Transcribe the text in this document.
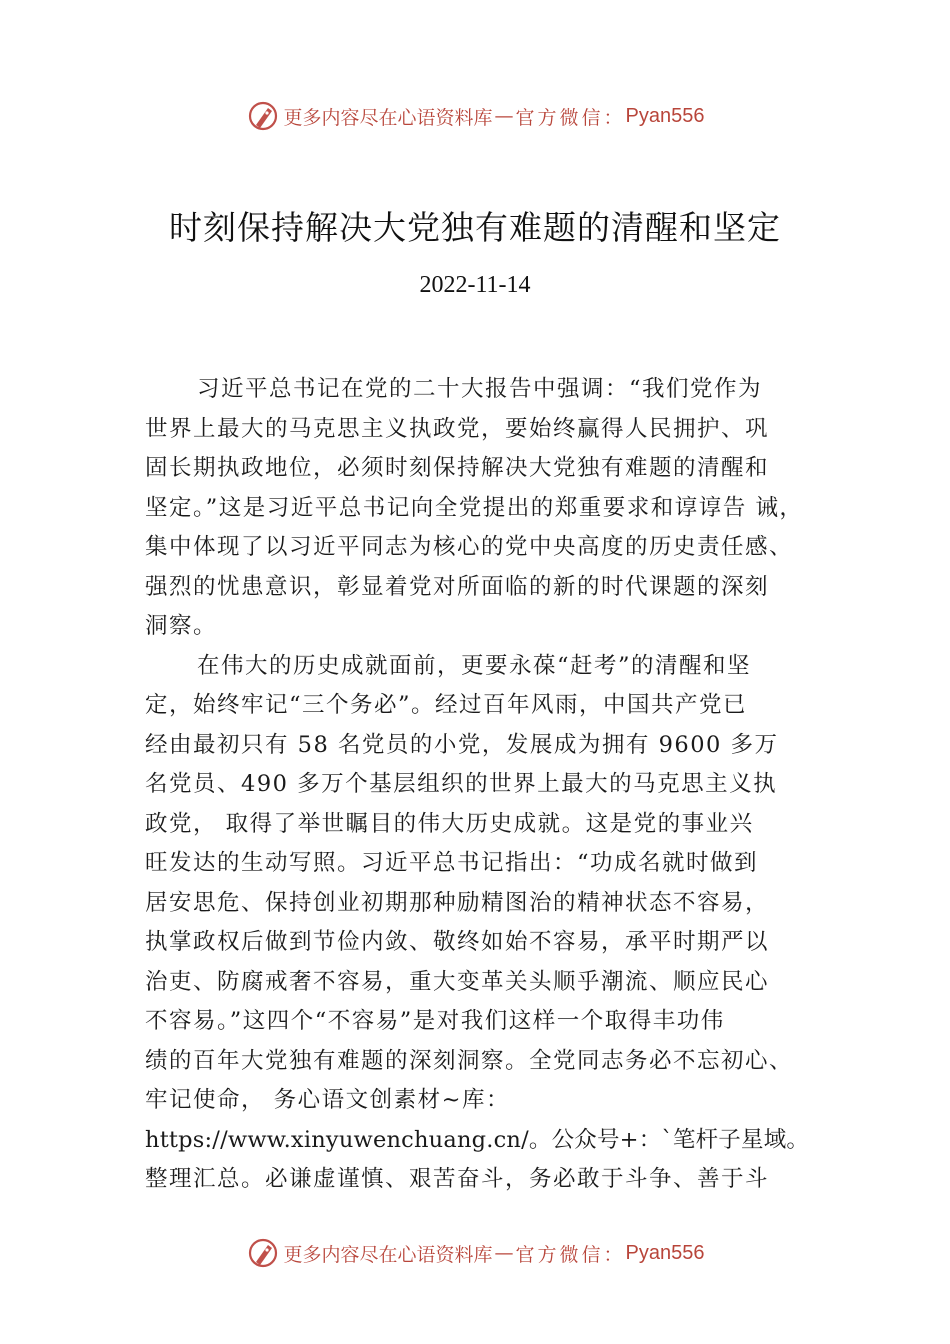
更多内容尽在心语资料库 — 官方微信： Pyan556
时刻保持解决大党独有难题的清醒和坚定
2022-11-14
习近平总书记在党的二十大报告中强调：“我们党作为
世界上最大的马克思主义执政党，要始终赢得人民拥护、巩
固长期执政地位，必须时刻保持解决大党独有难题的清醒和
坚定。”这是习近平总书记向全党提出的郑重要求和谆谆告 诫，
集中体现了以习近平同志为核心的党中央高度的历史责任感、
强烈的忧患意识，彰显着党对所面临的新的时代课题的深刻
洞察。
在伟大的历史成就面前，更要永葆“赶考”的清醒和坚
定，始终牢记“三个务必”。经过百年风雨，中国共产党已
经由最初只有 58 名党员的小党，发展成为拥有 9600 多万
名党员、490 多万个基层组织的世界上最大的马克思主义执
政党， 取得了举世瞩目的伟大历史成就。这是党的事业兴
旺发达的生动写照。习近平总书记指出：“功成名就时做到
居安思危、保持创业初期那种励精图治的精神状态不容易，
执掌政权后做到节俭内敛、敬终如始不容易，承平时期严以
治吏、防腐戒奢不容易，重大变革关头顺乎潮流、顺应民心
不容易。”这四个“不容易”是对我们这样一个取得丰功伟
绩的百年大党独有难题的深刻洞察。全党同志务必不忘初心、
牢记使命， 务心语文创素材~库：
https://www.xinyuwenchuang.cn/。公众号+：`笔杆子星域。
整理汇总。必谦虚谨慎、艰苦奋斗，务必敢于斗争、善于斗
更多内容尽在心语资料库 — 官方微信： Pyan556
